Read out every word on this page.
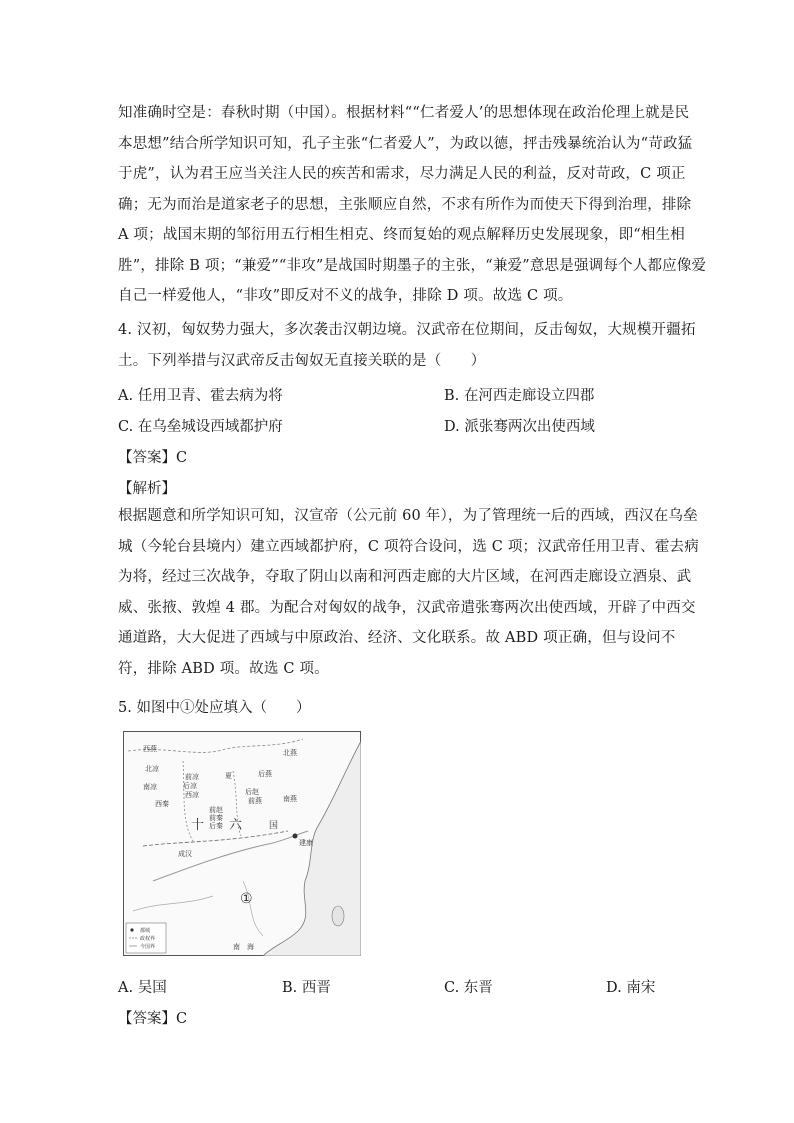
知准确时空是：春秋时期（中国）。根据材料““仁者爱人’的思想体现在政治伦理上就是民
本思想”结合所学知识可知，孔子主张“仁者爱人”，为政以德，抨击残暴统治认为“苛政猛
于虎”，认为君王应当关注人民的疾苦和需求，尽力满足人民的利益，反对苛政，C 项正
确；无为而治是道家老子的思想，主张顺应自然，不求有所作为而使天下得到治理，排除
A 项；战国末期的邹衍用五行相生相克、终而复始的观点解释历史发展现象，即“相生相
胜”，排除 B 项；“兼爱”“非攻”是战国时期墨子的主张，“兼爱”意思是强调每个人都应像爱
自己一样爱他人，“非攻”即反对不义的战争，排除 D 项。故选 C 项。
4. 汉初，匈奴势力强大，多次袭击汉朝边境。汉武帝在位期间，反击匈奴，大规模开疆拓
土。下列举措与汉武帝反击匈奴无直接关联的是（　　）
A. 任用卫青、霍去病为将	B. 在河西走廊设立四郡
C. 在乌垒城设西域都护府	D. 派张骞两次出使西域
【答案】C
【解析】
根据题意和所学知识可知，汉宣帝（公元前 60 年），为了管理统一后的西域，西汉在乌垒
城（今轮台县境内）建立西域都护府，C 项符合设问，选 C 项；汉武帝任用卫青、霍去病
为将，经过三次战争，夺取了阴山以南和河西走廊的大片区域，在河西走廊设立酒泉、武
威、张掖、敦煌 4 郡。为配合对匈奴的战争，汉武帝遣张骞两次出使西域，开辟了中西交
通道路，大大促进了西域与中原政治、经济、文化联系。故 ABD 项正确，但与设问不
符，排除 ABD 项。故选 C 项。
5. 如图中①处应填入（　　）
西燕	北燕
北凉
前凉
后凉
西凉
南凉
夏	后燕
后赵
前燕	南燕
西秦
前赵
前秦
后秦
成汉
建康
南　海
十 六	国
①
都城
政权界
今国界
A. 吴国	B. 西晋	C. 东晋	D. 南宋
【答案】C
